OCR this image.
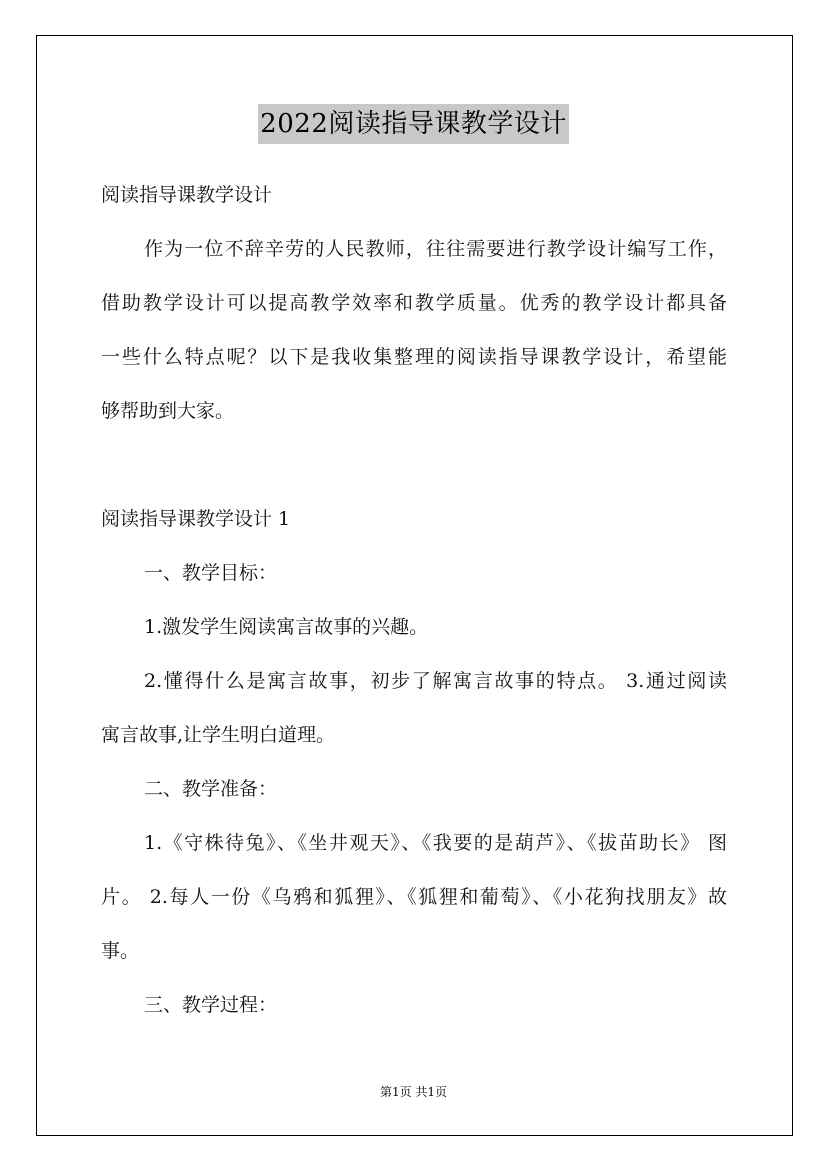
2022阅读指导课教学设计
阅读指导课教学设计
作为一位不辞辛劳的人民教师，往往需要进行教学设计编写工作，
借助教学设计可以提高教学效率和教学质量。优秀的教学设计都具备
一些什么特点呢？以下是我收集整理的阅读指导课教学设计，希望能
够帮助到大家。
阅读指导课教学设计 1
一、教学目标：
1.激发学生阅读寓言故事的兴趣。
2.懂得什么是寓言故事，初步了解寓言故事的特点。 3.通过阅读
寓言故事,让学生明白道理。
二、教学准备：
1.《守株待兔》、《坐井观天》、《我要的是葫芦》、《拔苗助长》 图
片。 2.每人一份《乌鸦和狐狸》、《狐狸和葡萄》、《小花狗找朋友》故
事。
三、教学过程：
第1页 共1页
